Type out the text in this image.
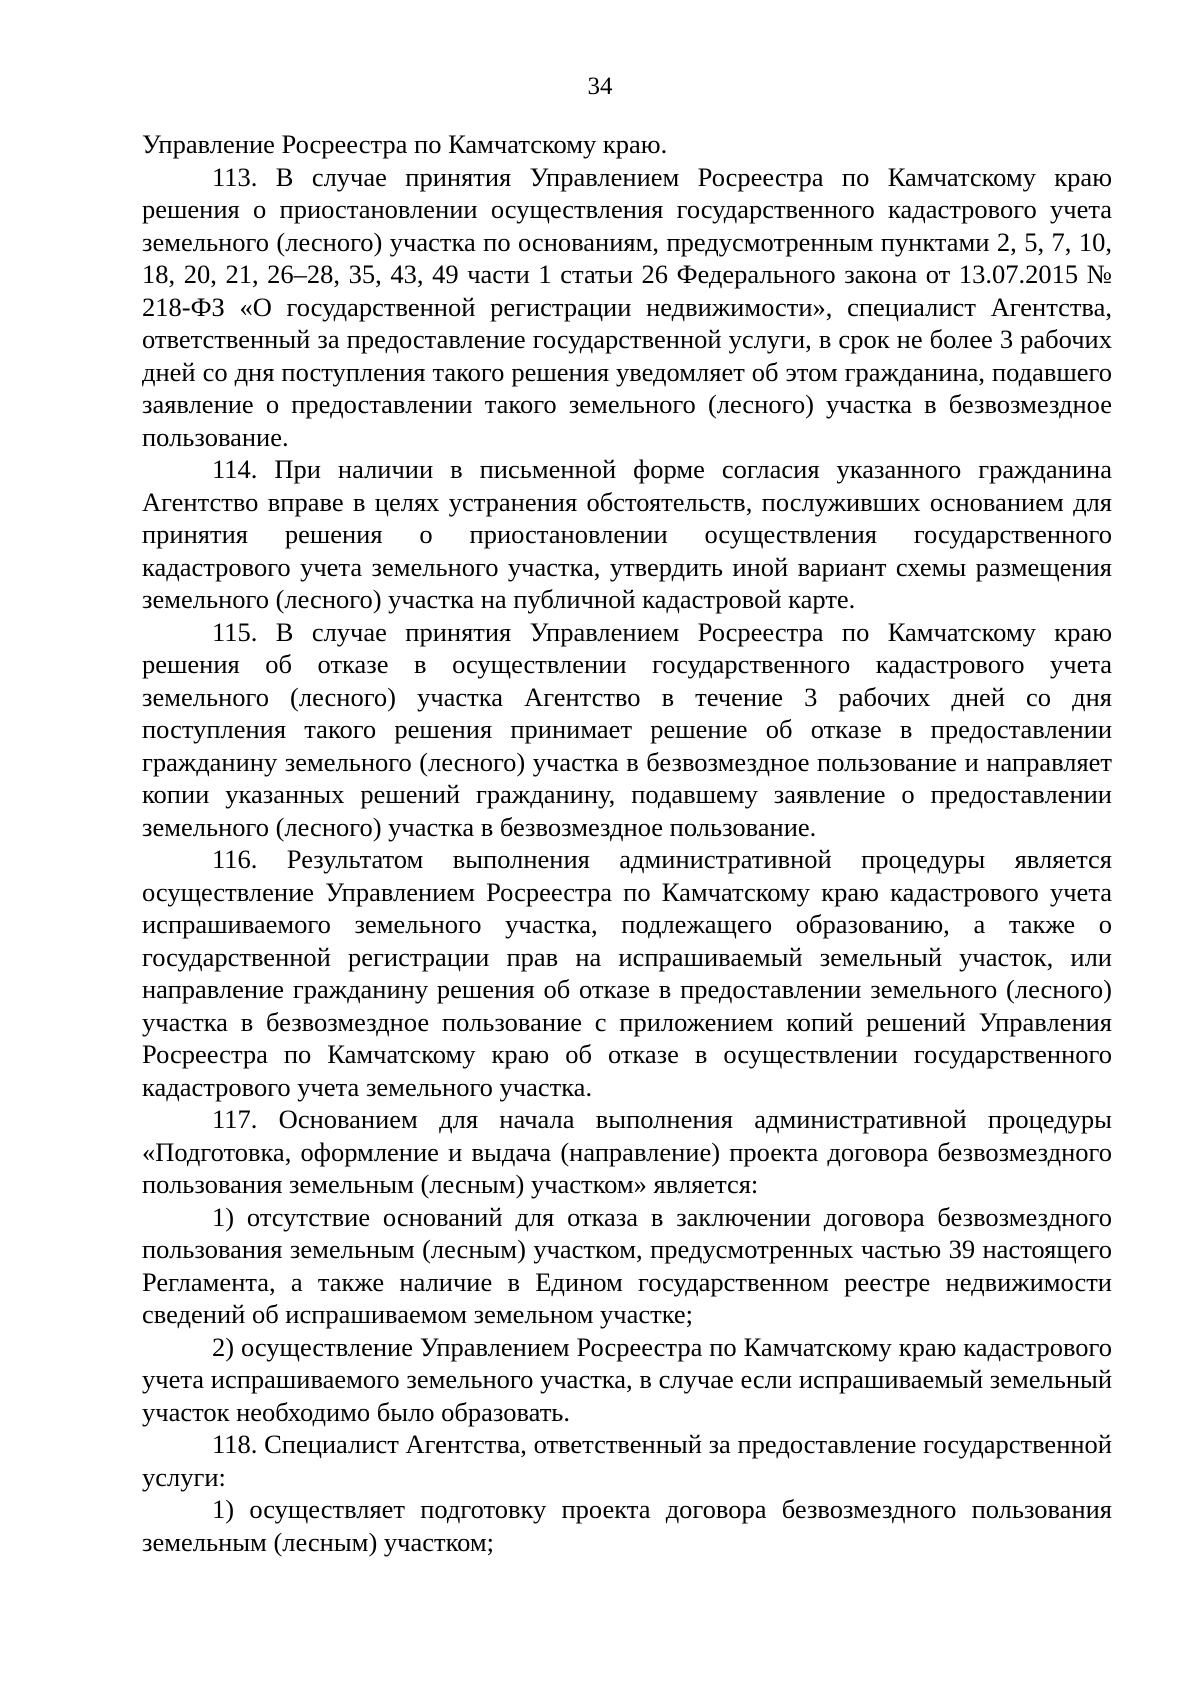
34

Управление Росреестра по Камчатскому краю.

113. В случае принятия Управлением Росреестра по Камчатскому краю решения о приостановлении осуществления государственного кадастрового учета земельного (лесного) участка по основаниям, предусмотренным пунктами 2, 5, 7, 10, 18, 20, 21, 26–28, 35, 43, 49 части 1 статьи 26 Федерального закона от 13.07.2015 № 218-ФЗ «О государственной регистрации недвижимости», специалист Агентства, ответственный за предоставление государственной услуги, в срок не более 3 рабочих дней со дня поступления такого решения уведомляет об этом гражданина, подавшего заявление о предоставлении такого земельного (лесного) участка в безвозмездное пользование.

114. При наличии в письменной форме согласия указанного гражданина Агентство вправе в целях устранения обстоятельств, послуживших основанием для принятия решения о приостановлении осуществления государственного кадастрового учета земельного участка, утвердить иной вариант схемы размещения земельного (лесного) участка на публичной кадастровой карте.

115. В случае принятия Управлением Росреестра по Камчатскому краю решения об отказе в осуществлении государственного кадастрового учета земельного (лесного) участка Агентство в течение 3 рабочих дней со дня поступления такого решения принимает решение об отказе в предоставлении гражданину земельного (лесного) участка в безвозмездное пользование и направляет копии указанных решений гражданину, подавшему заявление о предоставлении земельного (лесного) участка в безвозмездное пользование.

116. Результатом выполнения административной процедуры является осуществление Управлением Росреестра по Камчатскому краю кадастрового учета испрашиваемого земельного участка, подлежащего образованию, а также о государственной регистрации прав на испрашиваемый земельный участок, или направление гражданину решения об отказе в предоставлении земельного (лесного) участка в безвозмездное пользование с приложением копий решений Управления Росреестра по Камчатскому краю об отказе в осуществлении государственного кадастрового учета земельного участка.

117. Основанием для начала выполнения административной процедуры «Подготовка, оформление и выдача (направление) проекта договора безвозмездного пользования земельным (лесным) участком» является:

1) отсутствие оснований для отказа в заключении договора безвозмездного пользования земельным (лесным) участком, предусмотренных частью 39 настоящего Регламента, а также наличие в Едином государственном реестре недвижимости сведений об испрашиваемом земельном участке;

2) осуществление Управлением Росреестра по Камчатскому краю кадастрового учета испрашиваемого земельного участка, в случае если испрашиваемый земельный участок необходимо было образовать.

118. Специалист Агентства, ответственный за предоставление государственной услуги:

1) осуществляет подготовку проекта договора безвозмездного пользования земельным (лесным) участком;
